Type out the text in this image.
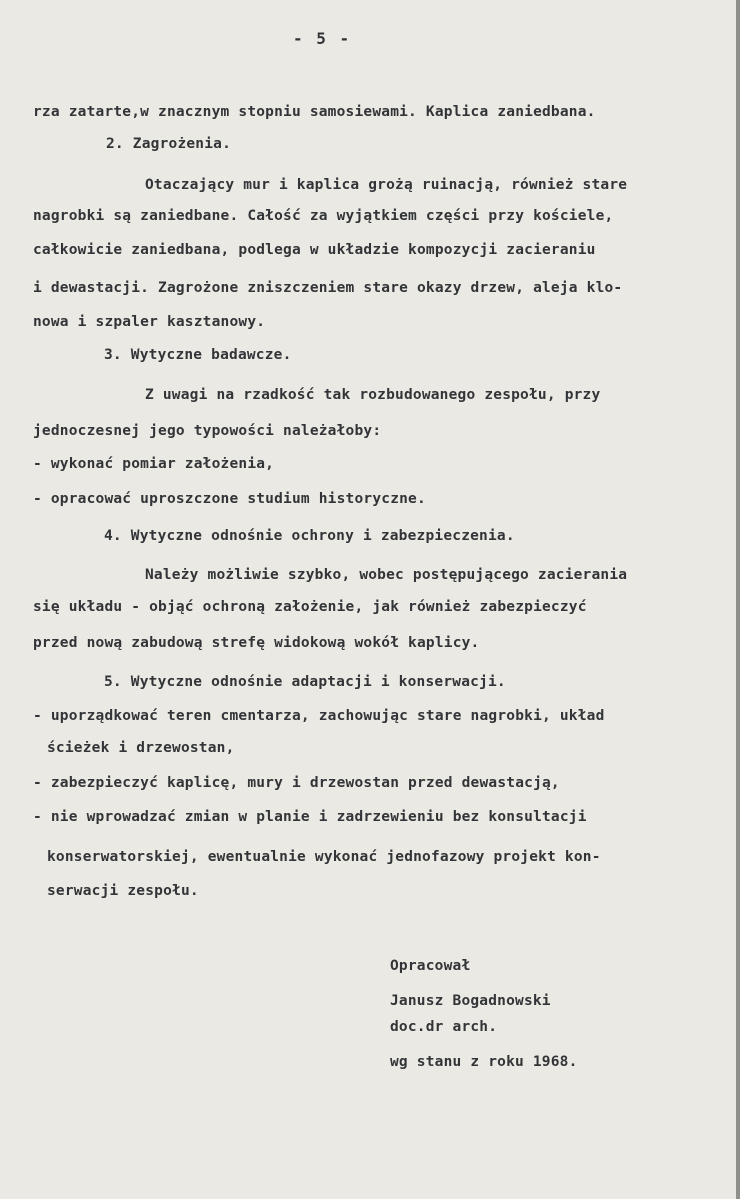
- 5 -
rza zatarte,w znacznym stopniu samosiewami. Kaplica zaniedbana.
2. Zagrożenia.
Otaczający mur i kaplica grożą ruinacją, również stare
nagrobki są zaniedbane. Całość za wyjątkiem części przy kościele,
całkowicie zaniedbana, podlega w układzie kompozycji zacieraniu
i dewastacji. Zagrożone zniszczeniem stare okazy drzew, aleja klo-
nowa i szpaler kasztanowy.
3. Wytyczne badawcze.
Z uwagi na rzadkość tak rozbudowanego zespołu, przy
jednoczesnej jego typowości należałoby:
- wykonać pomiar założenia,
- opracować uproszczone studium historyczne.
4. Wytyczne odnośnie ochrony i zabezpieczenia.
Należy możliwie szybko, wobec postępującego zacierania
się układu - objąć ochroną założenie, jak również zabezpieczyć
przed nową zabudową strefę widokową wokół kaplicy.
5. Wytyczne odnośnie adaptacji i konserwacji.
- uporządkować teren cmentarza, zachowując stare nagrobki, układ
ścieżek i drzewostan,
- zabezpieczyć kaplicę, mury i drzewostan przed dewastacją,
- nie wprowadzać zmian w planie i zadrzewieniu bez konsultacji
konserwatorskiej, ewentualnie wykonać jednofazowy projekt kon-
serwacji zespołu.
Opracował
Janusz Bogadnowski
doc.dr arch.
wg stanu z roku 1968.
